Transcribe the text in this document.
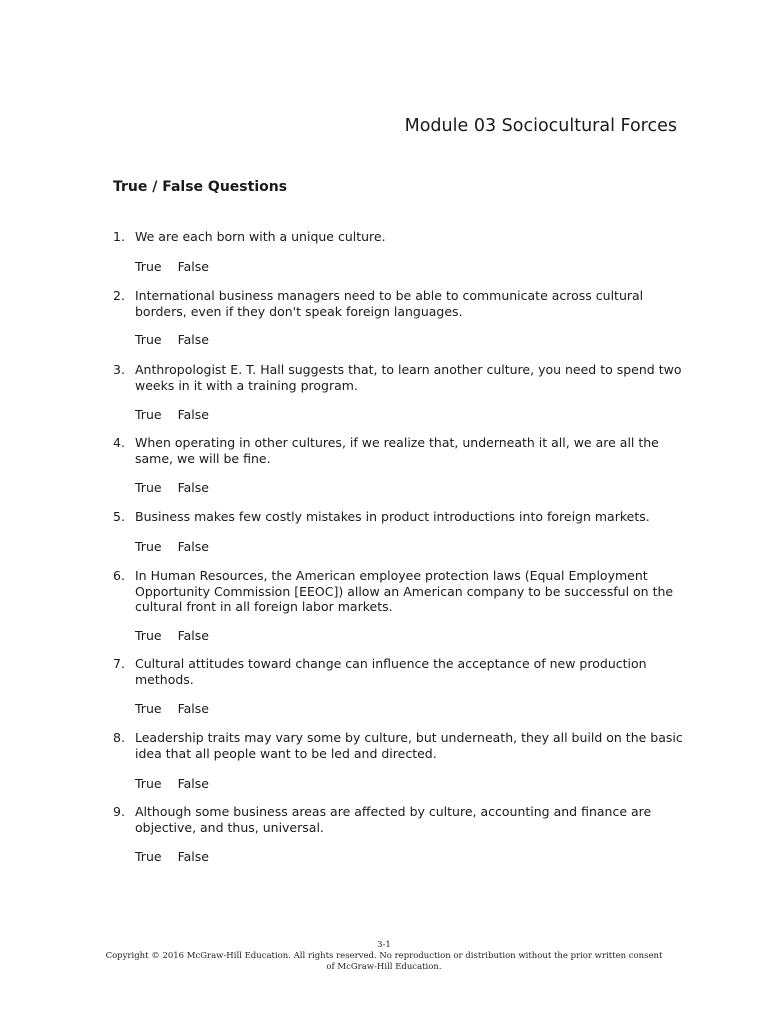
Module 03 Sociocultural Forces
True / False Questions
1. We are each born with a unique culture.
True False
2. International business managers need to be able to communicate across cultural borders, even if they don't speak foreign languages.
True False
3. Anthropologist E. T. Hall suggests that, to learn another culture, you need to spend two weeks in it with a training program.
True False
4. When operating in other cultures, if we realize that, underneath it all, we are all the same, we will be fine.
True False
5. Business makes few costly mistakes in product introductions into foreign markets.
True False
6. In Human Resources, the American employee protection laws (Equal Employment Opportunity Commission [EEOC]) allow an American company to be successful on the cultural front in all foreign labor markets.
True False
7. Cultural attitudes toward change can influence the acceptance of new production methods.
True False
8. Leadership traits may vary some by culture, but underneath, they all build on the basic idea that all people want to be led and directed.
True False
9. Although some business areas are affected by culture, accounting and finance are objective, and thus, universal.
True False
3-1
Copyright © 2016 McGraw-Hill Education. All rights reserved. No reproduction or distribution without the prior written consent of McGraw-Hill Education.
